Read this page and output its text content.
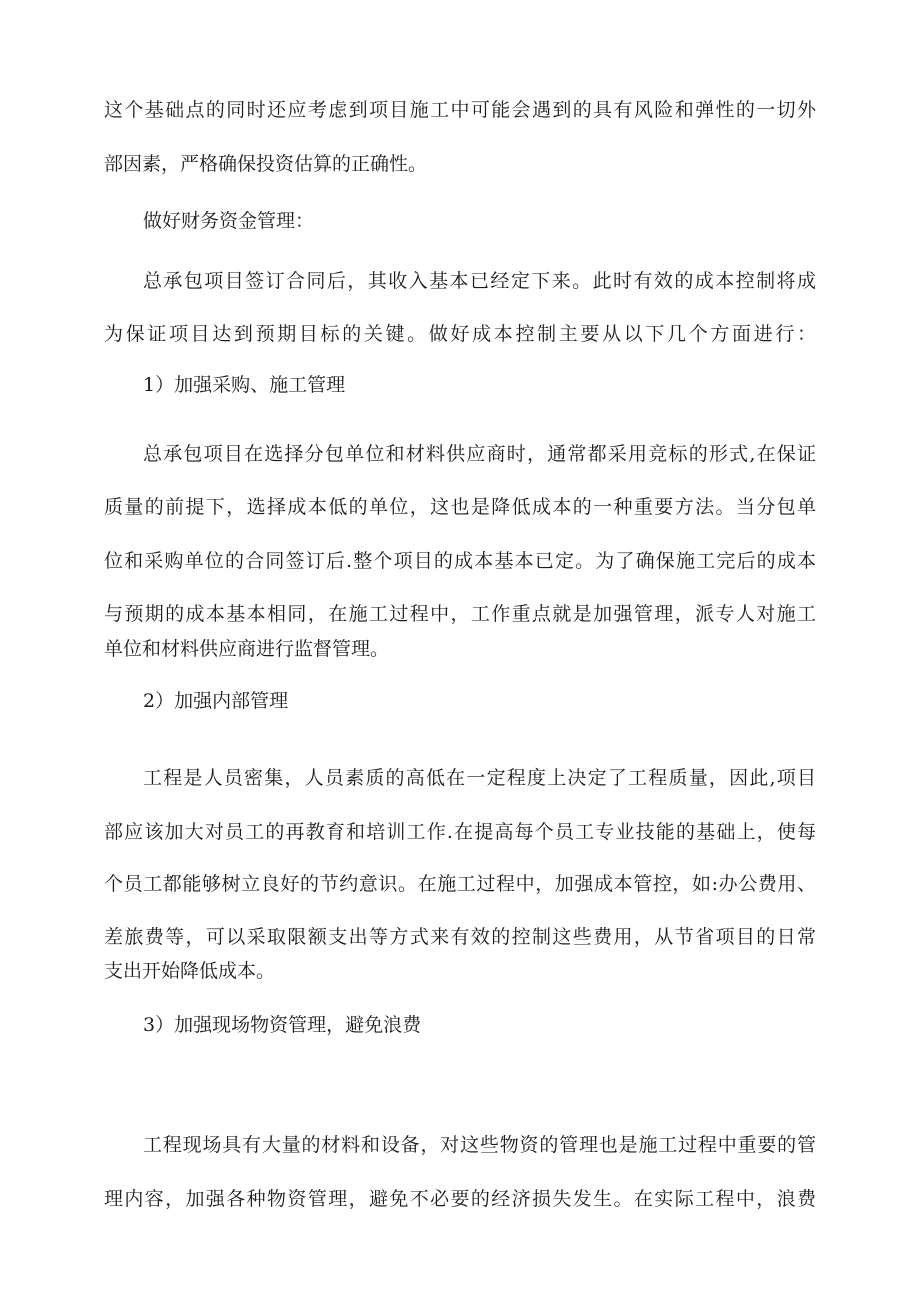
这个基础点的同时还应考虑到项目施工中可能会遇到的具有风险和弹性的一切外
部因素，严格确保投资估算的正确性。
做好财务资金管理：
总承包项目签订合同后，其收入基本已经定下来。此时有效的成本控制将成
为保证项目达到预期目标的关键。做好成本控制主要从以下几个方面进行：
1）加强采购、施工管理
总承包项目在选择分包单位和材料供应商时，通常都采用竞标的形式,在保证
质量的前提下，选择成本低的单位，这也是降低成本的一种重要方法。当分包单
位和采购单位的合同签订后.整个项目的成本基本已定。为了确保施工完后的成本
与预期的成本基本相同，在施工过程中，工作重点就是加强管理，派专人对施工
单位和材料供应商进行监督管理。
2）加强内部管理
工程是人员密集，人员素质的高低在一定程度上决定了工程质量，因此,项目
部应该加大对员工的再教育和培训工作.在提高每个员工专业技能的基础上，使每
个员工都能够树立良好的节约意识。在施工过程中，加强成本管控，如:办公费用、
差旅费等，可以采取限额支出等方式来有效的控制这些费用，从节省项目的日常
支出开始降低成本。
3）加强现场物资管理，避免浪费
工程现场具有大量的材料和设备，对这些物资的管理也是施工过程中重要的管
理内容，加强各种物资管理，避免不必要的经济损失发生。在实际工程中，浪费
